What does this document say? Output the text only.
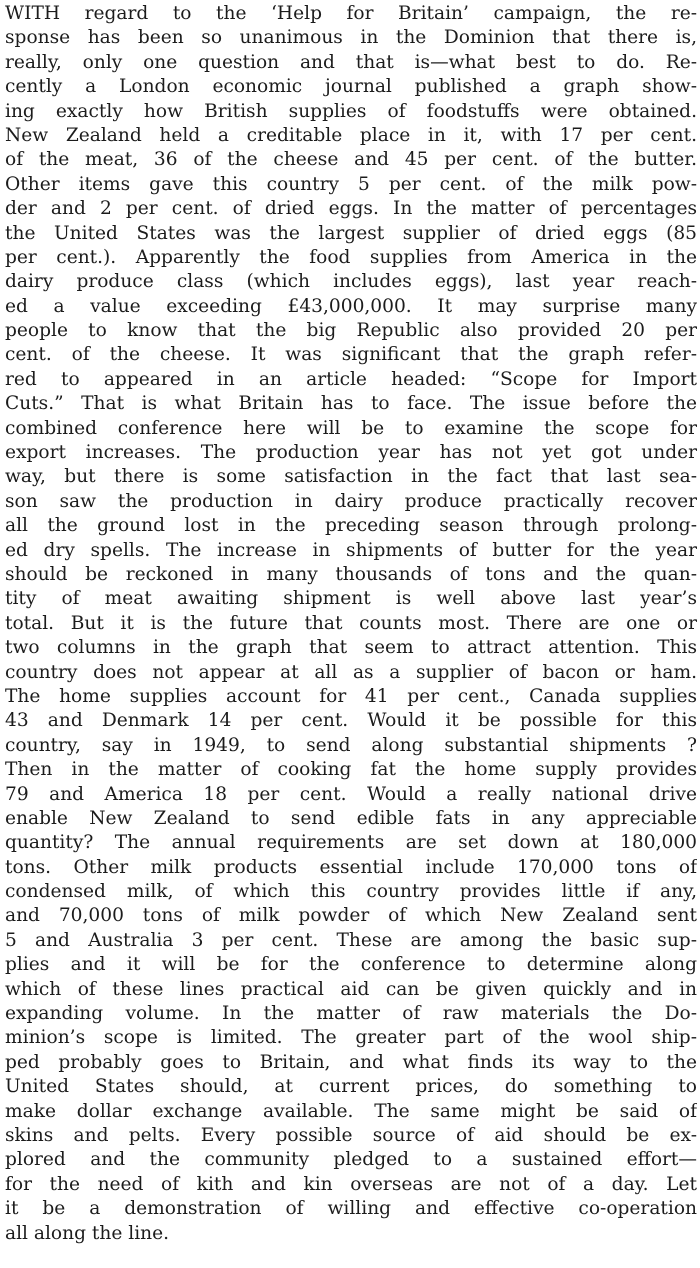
WITH regard to the ‘Help for Britain’ campaign, the re-
sponse has been so unanimous in the Dominion that there is,
really, only one question and that is—what best to do. Re-
cently a London economic journal published a graph show-
ing exactly how British supplies of foodstuffs were obtained.
New Zealand held a creditable place in it, with 17 per cent.
of the meat, 36 of the cheese and 45 per cent. of the butter.
Other items gave this country 5 per cent. of the milk pow-
der and 2 per cent. of dried eggs. In the matter of percentages
the United States was the largest supplier of dried eggs (85
per cent.). Apparently the food supplies from America in the
dairy produce class (which includes eggs), last year reach-
ed a value exceeding £43,000,000. It may surprise many
people to know that the big Republic also provided 20 per
cent. of the cheese. It was significant that the graph refer-
red to appeared in an article headed: “Scope for Import
Cuts.” That is what Britain has to face. The issue before the
combined conference here will be to examine the scope for
export increases. The production year has not yet got under
way, but there is some satisfaction in the fact that last sea-
son saw the production in dairy produce practically recover
all the ground lost in the preceding season through prolong-
ed dry spells. The increase in shipments of butter for the year
should be reckoned in many thousands of tons and the quan-
tity of meat awaiting shipment is well above last year’s
total. But it is the future that counts most. There are one or
two columns in the graph that seem to attract attention. This
country does not appear at all as a supplier of bacon or ham.
The home supplies account for 41 per cent., Canada supplies
43 and Denmark 14 per cent. Would it be possible for this
country, say in 1949, to send along substantial shipments ?
Then in the matter of cooking fat the home supply provides
79 and America 18 per cent. Would a really national drive
enable New Zealand to send edible fats in any appreciable
quantity? The annual requirements are set down at 180,000
tons. Other milk products essential include 170,000 tons of
condensed milk, of which this country provides little if any,
and 70,000 tons of milk powder of which New Zealand sent
5 and Australia 3 per cent. These are among the basic sup-
plies and it will be for the conference to determine along
which of these lines practical aid can be given quickly and in
expanding volume. In the matter of raw materials the Do-
minion’s scope is limited. The greater part of the wool ship-
ped probably goes to Britain, and what finds its way to the
United States should, at current prices, do something to
make dollar exchange available. The same might be said of
skins and pelts. Every possible source of aid should be ex-
plored and the community pledged to a sustained effort—
for the need of kith and kin overseas are not of a day. Let
it be a demonstration of willing and effective co-operation
all along the line.
